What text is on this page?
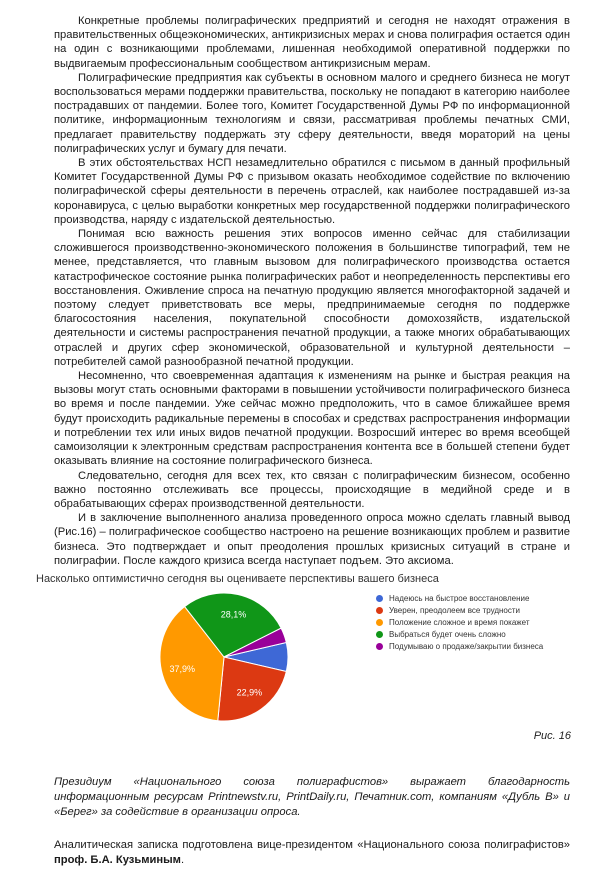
Конкретные проблемы полиграфических предприятий и сегодня не находят отражения в правительственных общеэкономических, антикризисных мерах и снова полиграфия остается один на один с возникающими проблемами, лишенная необходимой оперативной поддержки по выдвигаемым профессиональным сообществом антикризисным мерам.

Полиграфические предприятия как субъекты в основном малого и среднего бизнеса не могут воспользоваться мерами поддержки правительства, поскольку не попадают в категорию наиболее пострадавших от пандемии. Более того, Комитет Государственной Думы РФ по информационной политике, информационным технологиям и связи, рассматривая проблемы печатных СМИ, предлагает правительству поддержать эту сферу деятельности, введя мораторий на цены полиграфических услуг и бумагу для печати.

В этих обстоятельствах НСП незамедлительно обратился с письмом в данный профильный Комитет Государственной Думы РФ с призывом оказать необходимое содействие по включению полиграфической сферы деятельности в перечень отраслей, как наиболее пострадавшей из-за коронавируса, с целью выработки конкретных мер государственной поддержки полиграфического производства, наряду с издательской деятельностью.

Понимая всю важность решения этих вопросов именно сейчас для стабилизации сложившегося производственно-экономического положения в большинстве типографий, тем не менее, представляется, что главным вызовом для полиграфического производства остается катастрофическое состояние рынка полиграфических работ и неопределенность перспективы его восстановления. Оживление спроса на печатную продукцию является многофакторной задачей и поэтому следует приветствовать все меры, предпринимаемые сегодня по поддержке благосостояния населения, покупательной способности домохозяйств, издательской деятельности и системы распространения печатной продукции, а также многих обрабатывающих отраслей и других сфер экономической, образовательной и культурной деятельности – потребителей самой разнообразной печатной продукции.

Несомненно, что своевременная адаптация к изменениям на рынке и быстрая реакция на вызовы могут стать основными факторами в повышении устойчивости полиграфического бизнеса во время и после пандемии. Уже сейчас можно предположить, что в самое ближайшее время будут происходить радикальные перемены в способах и средствах распространения информации и потреблении тех или иных видов печатной продукции. Возросший интерес во время всеобщей самоизоляции к электронным средствам распространения контента все в большей степени будет оказывать влияние на состояние полиграфического бизнеса.

Следовательно, сегодня для всех тех, кто связан с полиграфическим бизнесом, особенно важно постоянно отслеживать все процессы, происходящие в медийной среде и в обрабатывающих сферах производственной деятельности.

И в заключение выполненного анализа проведенного опроса можно сделать главный вывод (Рис.16) – полиграфическое сообщество настроено на решение возникающих проблем и развитие бизнеса. Это подтверждает и опыт преодоления прошлых кризисных ситуаций в стране и полиграфии. После каждого кризиса всегда наступает подъем. Это аксиома.

Насколько оптимистично сегодня вы оцениваете перспективы вашего бизнеса
22,9%
37,9%
28,1%
Надеюсь на быстрое восстановление
Уверен, преодолеем все трудности
Положение сложное и время покажет
Выбраться будет очень сложно
Подумываю о продаже/закрытии бизнеса
Рис. 16
Президиум «Национального союза полиграфистов» выражает благодарность информационным ресурсам Printnewstv.ru, PrintDaily.ru, Печатник.com, компаниям «Дубль В» и «Берег» за содействие в организации опроса.
Аналитическая записка подготовлена вице-президентом «Национального союза полиграфистов» проф. Б.А. Кузьминым.
